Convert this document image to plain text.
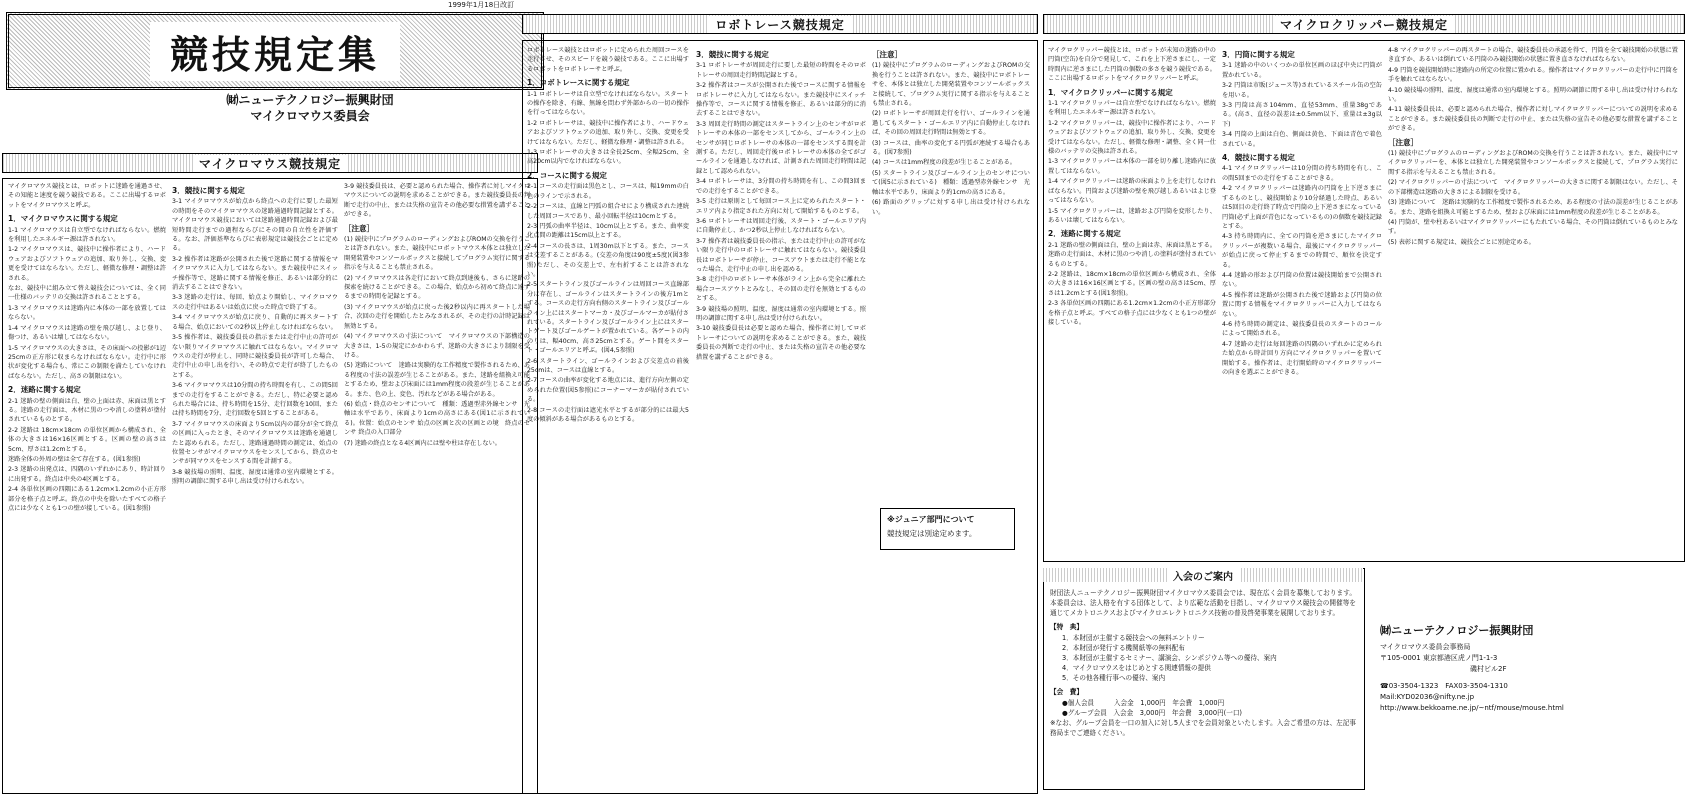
1999年1月18日改訂
競技規定集
㈶ニューテクノロジー振興財団
マイクロマウス委員会
マイクロマウス競技規定

マイクロマウス競技とは、ロボットに迷路を通過させ、その知能と速度を競う競技である。ここに出場するロボットをマイクロマウスと呼ぶ。

1．マイクロマウスに関する規定

1-1 マイクロマウスは自立型でなければならない。燃焼を利用したエネルギー源は許されない。

1-2 マイクロマウスは、競技中に操作者により、ハードウェアおよびソフトウェアの追加、取り外し、交換、変更を受けてはならない。ただし、軽微な修理・調整は許される。

なお、競技中に組み立て替え競技会については、全く同一仕様のバッテリの交換は許されることとする。

1-3 マイクロマウスは迷路内に本体の一部を放置してはならない。

1-4 マイクロマウスは迷路の壁を飛び越し、よじ登り、傷つけ、あるいは壊してはならない。

1-5 マイクロマウスの大きさは、その床面への投影が1辺25cmの正方形に収まらなければならない。走行中に形状が変化する場合も、常にこの制限を満たしていなければならない。ただし、高さの制限はない。

2．迷路に関する規定

2-1 迷路の壁の側面は白、壁の上面は赤、床面は黒とする。迷路の走行面は、木材に黒のつや消しの塗料が塗付されているものとする。

2-2 迷路は 18cm×18cm の単位区画から構成され、全体の大きさは16×16区画とする。区画の壁の高さは5cm、厚さは1.2cmとする。

迷路全体の外周の壁は全て存在する。(図1参照)

2-3 迷路の出発点は、四隅のいずれかにあり、時計回りに出発する。終点は中央の4区画とする。

2-4 各単位区画の四隅にある1.2cm×1.2cmの小正方形部分を格子点と呼ぶ。終点の中央を除いたすべての格子点には少なくとも1つの壁が接している。(図1参照)

3．競技に関する規定

3-1 マイクロマウスが始点から終点への走行に要した最短の時間をそのマイクロマウスの迷路通過時間記録とする。マイクロマウス競技においては迷路通過時間記録および最短時間走行までの過程ならびにその間の自立性を評価する。なお、評価基準ならびに表彰規定は競技会ごとに定める。

3-2 操作者は迷路が公開された後で迷路に関する情報をマイクロマウスに入力してはならない。また競技中にスイッチ操作等で、迷路に関する情報を修正、あるいは部分的に消去することはできない。

3-3 迷路の走行は、毎回、始点より開始し、マイクロマウスの走行中はあるいは始点に戻った時点で終了する。

3-4 マイクロマウスが始点に戻り、自動的に再スタートする場合、始点においての2秒以上停止しなければならない。

3-5 操作者は、競技委員長の指示または走行中止の許可がない限りマイクロマウスに触れてはならない。マイクロマウスの走行が停止し、同時に競技委員長が許可した場合、走行中止の申し出を行い、その時点で走行が終了したものとする。

3-6 マイクロマウスは10分間の持ち時間を有し、この間5回までの走行をすることができる。ただし、特に必要と認められた場合には、持ち時間を15分、走行回数を10回、または持ち時間を7分、走行回数を5回とすることがある。

3-7 マイクロマウスの床面より5cm以内の部分が全て終点の区画に入ったとき、そのマイクロマウスは迷路を通過したと認められる。ただし、迷路通過時間の測定は、始点の位置センサがマイクロマウスをセンスしてから、終点のセンサが同マウスをセンスする間を計測する。

3-8 競技場の照明、温度、湿度は通常の室内環境とする。照明の調節に関する申し出は受け付けられない。

3-9 競技委員長は、必要と認められた場合、操作者に対しマイクロマウスについての説明を求めることができる。また競技委員長の判断で走行の中止、または失格の宣告その他必要な措置を講ずることができる。

［注意］

(1) 競技中にプログラムのローディングおよびROMの交換を行うことは許されない。また、競技中にロボットマウス本体とは独立した開発装置やコンソールボックスと接続してプログラム実行に関する指示を与えることも禁止される。

(2) マイクロマウスは各走行において終点到達後も、さらに迷路の探索を続けることができる。この場合、始点から初めて終点に達するまでの時間を記録とする。

(3) マイクロマウスが始点に戻った後2秒以内に再スタートした場合、次回の走行を開始したとみなされるが、その走行の計時記録は無効とする。

(4) マイクロマウスの寸法について　マイクロマウスの下部構造の大きさは、1-5の規定にかかわらず、迷路の大きさにより制限を受ける。

(5) 迷路について　迷路は実験的な工作精度で製作されるため、ある程度の寸法の誤差が生じることがある。また、迷路を組換え可能とするため、壁および床面には1mm程度の段差が生じることがある。また、色の上、変色、汚れなどがある場合がある。

(6) 始点・終点のセンサについて　種類：透過型赤外線センサ　光軸は水平であり、床面より1cmの高さにある(図1に示されている)。位置：始点のセンサ 始点の区画と次の区画との境　終点のセンサ 終点の入口部分

(7) 迷路の終点となる4区画内には壁や柱は存在しない。

ロボトレース競技規定

ロボトレース競技とはロボットに定められた周回コースを走行させ、そのスピードを競う競技である。ここに出場するロボットをロボトレーサと呼ぶ。

1．ロボトレースに関する規定

1-1 ロボトレーサは自立型でなければならない。スタートの操作を除き、有線、無線を問わず外部からの一切の操作を行ってはならない。

1-2 ロボトレーサは、競技中に操作者により、ハードウェアおよびソフトウェアの追加、取り外し、交換、変更を受けてはならない。ただし、軽微な修理・調整は許される。

1-3 ロボトレーサの大きさは全長25cm、全幅25cm、全高20cm以内でなければならない。

2．コースに関する規定

2-1 コースの走行面は黒色とし、コースは、幅19mmの白色のラインで示される。

2-2 コースは、直線と円弧の組合せにより構成された連続した周回コースであり、最小回転半径は10cmとする。

2-3 円弧の曲率半径は、10cm以上とする。また、曲率変化点間の距離は15cm以上とする。

2-4 コースの長さは、1周30m以下とする。また、コースは交差することがある。(交差の角度は90度±5度)(図3参照)ただし、その交差上で、左右折することは許されない。

2-5 スタートライン及びゴールラインは周回コース直線部分に存在し、ゴールラインはスタートラインの後方1mとする。コースの走行方向右側のスタートライン及びゴールライン上にはスタートマーカ・及びゴールマーカが貼付されている。スタートライン及びゴールライン上にはスタートゲート及びゴールゲートが置かれている。各ゲートの内のりは、幅40cm、高さ25cmとする。ゲート間をスタート・ゴールエリアと呼ぶ。(図4,5参照)

2-6 スタートライン、ゴールラインおよび交差点の前後25cmは、コースは直線とする。

2-7 コースの曲率が変化する地点には、進行方向左側の定められた位置(図5参照)にコーナーマーカが貼付されている。

2-8 コースの走行面は遮光水平とするが部分的には最大5度の傾斜がある場合があるものとする。

3．競技に関する規定

3-1 ロボトレーサが周回走行に要した最短の時間をそのロボトレーサの周回走行時間記録とする。

3-2 操作者はコースが公開された後でコースに関する情報をロボトレーサに入力してはならない。また競技中にスイッチ操作等で、コースに関する情報を修正、あるいは部分的に消去することはできない。

3-3 周回走行時間の測定はスタートライン上のセンサがロボトレーサの本体の一部をセンスしてから、ゴールライン上のセンサが同じロボトレーサの本体の一部をセンスする間を計測する。ただし、周回走行後ロボトレーサの本体の全てがゴールラインを通過しなければ、計測された周回走行時間は記録として認められない。

3-4 ロボトレーサは、3分間の持ち時間を有し、この間3回までの走行をすることができる。

3-5 走行は原則として毎回コース上に定められたスタート・エリア内より指定された方向に対して開始するものとする。

3-6 ロボトレーサは周回走行後、スタート・ゴールエリア内に自動停止し、かつ2秒以上停止しなければならない。

3-7 操作者は競技委員長の指示、または走行中止の許可がない限り走行中のロボトレーサに触れてはならない。競技委員長はロボトレーサが停止、コースアウトまたは走行不能となった場合、走行中止の申し出を認める。

3-8 走行中のロボトレーサ本体がライン上から完全に離れた場合コースアウトとみなし、その回の走行を無効とするものとする。

3-9 競技場の照明、温度、湿度は通常の室内環境とする。照明の調節に関する申し出は受け付けられない。

3-10 競技委員長は必要と認めた場合、操作者に対してロボトレーサについての説明を求めることができる。また、競技委員長の判断で走行の中止、または失格の宣告その他必要な措置を講ずることができる。

［注意］

(1) 競技中にプログラムのローディングおよびROMの交換を行うことは許されない。また、競技中にロボトレーサを、本体とは独立した開発装置やコンソールボックスと接続して、プログラム実行に関する指示を与えることも禁止される。

(2) ロボトレーサが周回走行を行い、ゴールラインを通過してもスタート・ゴールエリア内に自動停止しなければ、その回の周回走行時間は無効とする。

(3) コースは、曲率の変化する円弧が連続する場合もある。(図7参照)

(4) コースは1mm程度の段差が生じることがある。

(5) スタートライン及びゴールライン上のセンサについて(図5に示されている)　種類：透過型赤外線センサ　光軸は水平であり、床面より約1cmの高さにある。

(6) 路面のグリップに対する申し出は受け付けられない。

※ジュニア部門について
競技規定は別途定めます。
マイクロクリッパー競技規定

マイクロクリッパー競技とは、ロボットが未知の迷路の中の円筒(空缶)を自分で発見して、これを上下逆さまにし、一定時間内に逆さまにした円筒の個数の多さを競う競技である。ここに出場するロボットをマイクロクリッパーと呼ぶ。

1．マイクロクリッパーに関する規定

1-1 マイクロクリッパーは自立型でなければならない。燃焼を利用したエネルギー源は許されない。

1-2 マイクロクリッパーは、競技中に操作者により、ハードウェアおよびソフトウェアの追加、取り外し、交換、変更を受けてはならない。ただし、軽微な修理・調整、全く同一仕様のバッテリの交換は許される。

1-3 マイクロクリッパーは本体の一部を切り離し迷路内に放置してはならない。

1-4 マイクロクリッパーは迷路の床面より上を走行しなければならない。円筒および迷路の壁を飛び越しあるいはよじ登ってはならない。

1-5 マイクロクリッパーは、迷路および円筒を変形したり、あるいは壊してはならない。

2．迷路に関する規定

2-1 迷路の壁の側面は白、壁の上面は赤、床面は黒とする。迷路の走行面は、木材に黒のつや消しの塗料が塗付されているものとする。

2-2 迷路は、18cm×18cmの単位区画から構成され、全体の大きさは16×16区画とする。区画の壁の高さは5cm、厚さは1.2cmとする(図1参照)。

2-3 各単位区画の四隅にある1.2cm×1.2cmの小正方形部分を格子点と呼ぶ。すべての格子点には少なくとも1つの壁が接している。

3．円筒に関する規定

3-1 迷路の中のいくつかの単位区画のほぼ中央に円筒が置かれている。

3-2 円筒は市販(ジュース等)されているスチール缶の空缶を用いる。

3-3 円筒は高さ104mm、直径53mm、重量38gである。(高さ、直径の誤差は±0.5mm以下、重量は±3g以下)

3-4 円筒の上面は白色、側面は黄色、下面は青色で着色されている。

4．競技に関する規定

4-1 マイクロクリッパーは10分間の持ち時間を有し、この間5回までの走行をすることができる。

4-2 マイクロクリッパーは迷路内の円筒を上下逆さまにするものとし、競技開始より10分経過した時点、あるいは5回目の走行終了時点で円筒の上下逆さまになっている円筒(必ず上面が青色になっているもの)の個数を競技記録とする。

4-3 持ち時間内に、全ての円筒を逆さまにしたマイクロクリッパーが複数いる場合、最後にマイクロクリッパーが始点に戻って停止するまでの時間で、順位を決定する。

4-4 迷路の形および円筒の位置は競技開始まで公開されない。

4-5 操作者は迷路が公開された後で迷路および円筒の位置に関する情報をマイクロクリッパーに入力してはならない。

4-6 持ち時間の測定は、競技委員長のスタートのコールによって開始される。

4-7 迷路の走行は毎回迷路の四隅のいずれかに定められた始点から時計回り方向にマイクロクリッパーを置いて開始する。操作者は、走行開始時のマイクロクリッパーの向きを選ぶことができる。

4-8 マイクロクリッパーの再スタートの場合、競技委員長の承認を得て、円筒を全て競技開始の状態に置き直すか、あるいは倒れている円筒のみ競技開始の状態に置き直さなければならない。

4-9 円筒を競技開始時に迷路内の所定の位置に置かれる。操作者はマイクロクリッパーの走行中に円筒を手を触れてはならない。

4-10 競技場の照明、温度、湿度は通常の室内環境とする。照明の調節に関する申し出は受け付けられない。

4-11 競技委員長は、必要と認められた場合、操作者に対しマイクロクリッパーについての説明を求めることができる。また競技委員長の判断で走行の中止、または失格の宣告その他必要な措置を講ずることができる。

［注意］

(1) 競技中にプログラムのローディングおよびROMの交換を行うことは許されない。また、競技中にマイクロクリッパーを、本体とは独立した開発装置やコンソールボックスと接続して、プログラム実行に関する指示を与えることも禁止される。

(2) マイクロクリッパーの寸法について　マイクロクリッパーの大きさに関する制限はない。ただし、その下部構造は迷路の大きさによる制限を受ける。

(3) 迷路について　迷路は実験的な工作精度で製作されるため、ある程度の寸法の誤差が生じることがある。また、迷路を組換え可能とするため、壁および床面には1mm程度の段差が生じることがある。

(4) 円筒が、壁や柱あるいはマイクロクリッパーにもたれている場合、その円筒は倒れているものとみなす。

(5) 表彰に関する規定は、競技会ごとに別途定める。

入会のご案内

財団法人ニューテクノロジー振興財団マイクロマウス委員会では、現在広く会員を募集しております。本委員会は、法人格を有する団体として、より広範な活動を目指し、マイクロマウス競技会の開催等を通じてメカトロニクスおよびマイクロエレクトロニクス技術の普及啓発事業を展開しております。

【特　典】

1．本財団が主催する競技会への無料エントリー
2．本財団が発行する機関紙等の無料配布
3．本財団が主催するセミナー、講演会、シンポジウム等への優待、案内
4．マイクロマウスをはじめとする関連情報の提供
5．その他各種行事への優待、案内

【会　費】

●個人会員　　　入会金　1,000円　年会費　1,000円
●グループ会員　入会金　3,000円　年会費　3,000円(一口)

※なお、グループ会員を一口の加入に対し5人までを会員対象といたします。入会ご希望の方は、左記事務局までご連絡ください。

㈶ニューテクノロジー振興財団
マイクロマウス委員会事務局
〒105-0001 東京都港区虎ノ門1-1-3
磯村ビル2F
☎03-3504-1323　FAX03-3504-1310
Mail:KYD02036@nifty.ne.jp
http://www.bekkoame.ne.jp/~ntf/mouse/mouse.html
